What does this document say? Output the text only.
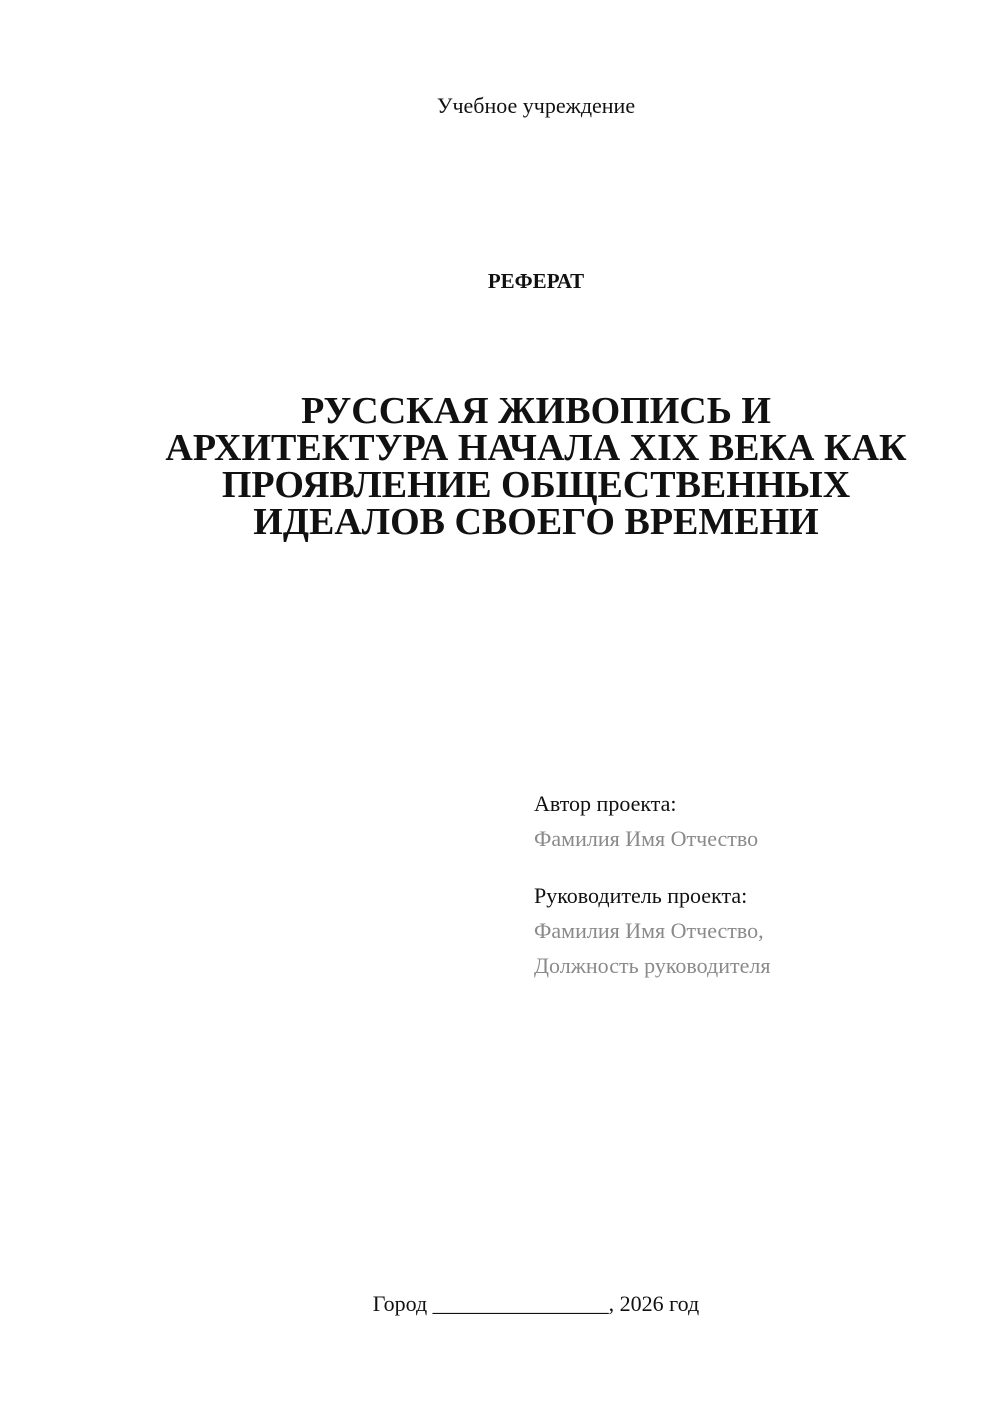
Учебное учреждение
РЕФЕРАТ
РУССКАЯ ЖИВОПИСЬ И
АРХИТЕКТУРА НАЧАЛА XIX ВЕКА КАК
ПРОЯВЛЕНИЕ ОБЩЕСТВЕННЫХ
ИДЕАЛОВ СВОЕГО ВРЕМЕНИ
Автор проекта:
Фамилия Имя Отчество
Руководитель проекта:
Фамилия Имя Отчество,
Должность руководителя
Город ________________, 2026 год
